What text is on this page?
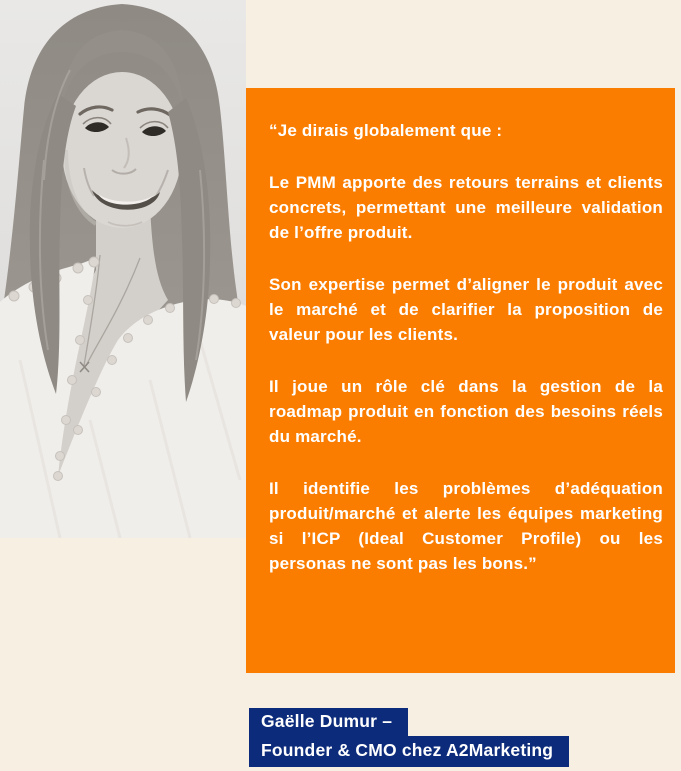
“Je dirais globalement que :

Le PMM apporte des retours terrains et clients concrets, permettant une meilleure validation de l’offre produit.

Son expertise permet d’aligner le produit avec le marché et de clarifier la proposition de valeur pour les clients.

Il joue un rôle clé dans la gestion de la roadmap produit en fonction des besoins réels du marché.

Il identifie les problèmes d’adéquation produit/marché et alerte les équipes marketing si l’ICP (Ideal Customer Profile) ou les personas ne sont pas les bons.”

Gaëlle Dumur –
Founder & CMO chez A2Marketing
